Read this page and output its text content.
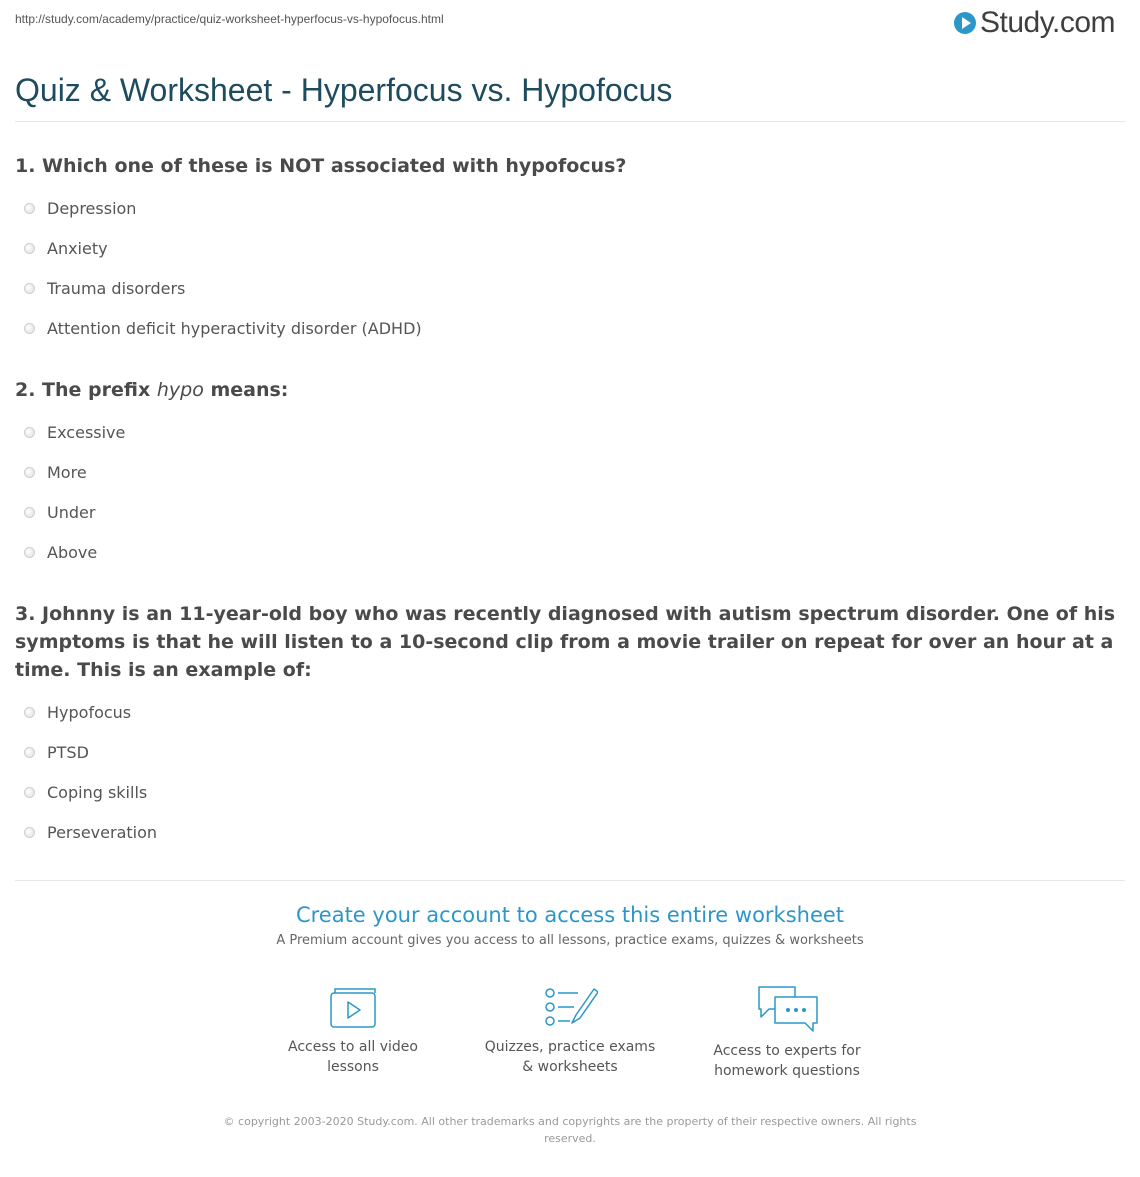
http://study.com/academy/practice/quiz-worksheet-hyperfocus-vs-hypofocus.html	Study.com
Quiz & Worksheet - Hyperfocus vs. Hypofocus

1. Which one of these is NOT associated with hypofocus?

Depression
Anxiety
Trauma disorders
Attention deficit hyperactivity disorder (ADHD)

2. The prefix hypo means:

Excessive
More
Under
Above

3. Johnny is an 11-year-old boy who was recently diagnosed with autism spectrum disorder. One of his symptoms is that he will listen to a 10-second clip from a movie trailer on repeat for over an hour at a time. This is an example of:

Hypofocus
PTSD
Coping skills
Perseveration

Create your account to access this entire worksheet

A Premium account gives you access to all lessons, practice exams, quizzes & worksheets
Access to all video lessons
Quizzes, practice exams & worksheets
Access to experts for homework questions
© copyright 2003-2020 Study.com. All other trademarks and copyrights are the property of their respective owners. All rights reserved.
